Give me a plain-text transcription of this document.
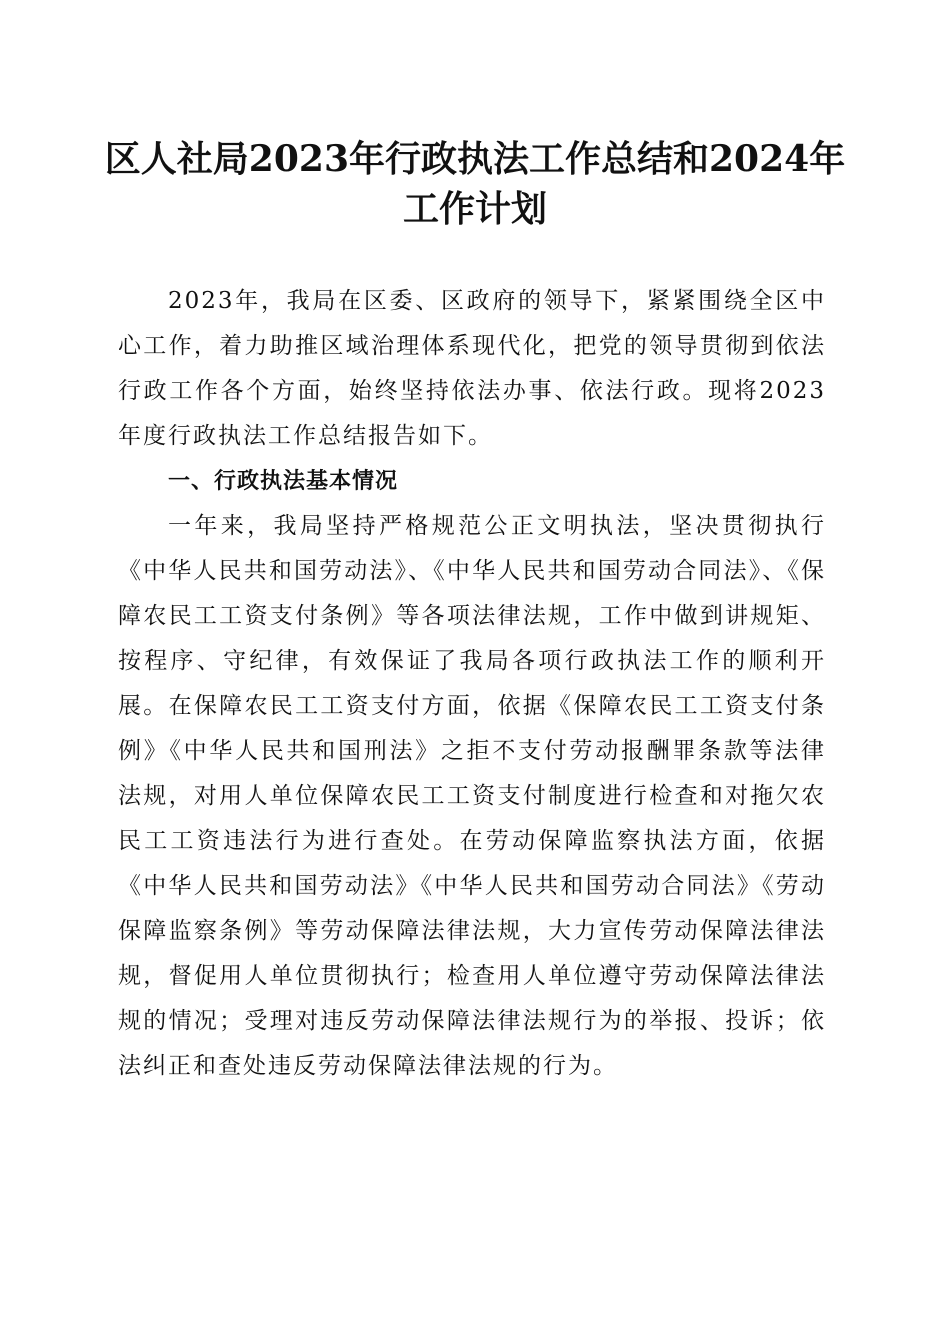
区人社局2023年行政执法工作总结和2024年
工作计划

2023年，我局在区委、区政府的领导下，紧紧围绕全区中心工作，着力助推区域治理体系现代化，把党的领导贯彻到依法行政工作各个方面，始终坚持依法办事、依法行政。现将2023年度行政执法工作总结报告如下。

一、行政执法基本情况

一年来，我局坚持严格规范公正文明执法，坚决贯彻执行《中华人民共和国劳动法》、《中华人民共和国劳动合同法》、《保障农民工工资支付条例》等各项法律法规，工作中做到讲规矩、按程序、守纪律，有效保证了我局各项行政执法工作的顺利开展。在保障农民工工资支付方面，依据《保障农民工工资支付条例》《中华人民共和国刑法》之拒不支付劳动报酬罪条款等法律法规，对用人单位保障农民工工资支付制度进行检查和对拖欠农民工工资违法行为进行查处。在劳动保障监察执法方面，依据《中华人民共和国劳动法》《中华人民共和国劳动合同法》《劳动保障监察条例》等劳动保障法律法规，大力宣传劳动保障法律法规，督促用人单位贯彻执行；检查用人单位遵守劳动保障法律法规的情况；受理对违反劳动保障法律法规行为的举报、投诉；依法纠正和查处违反劳动保障法律法规的行为。
